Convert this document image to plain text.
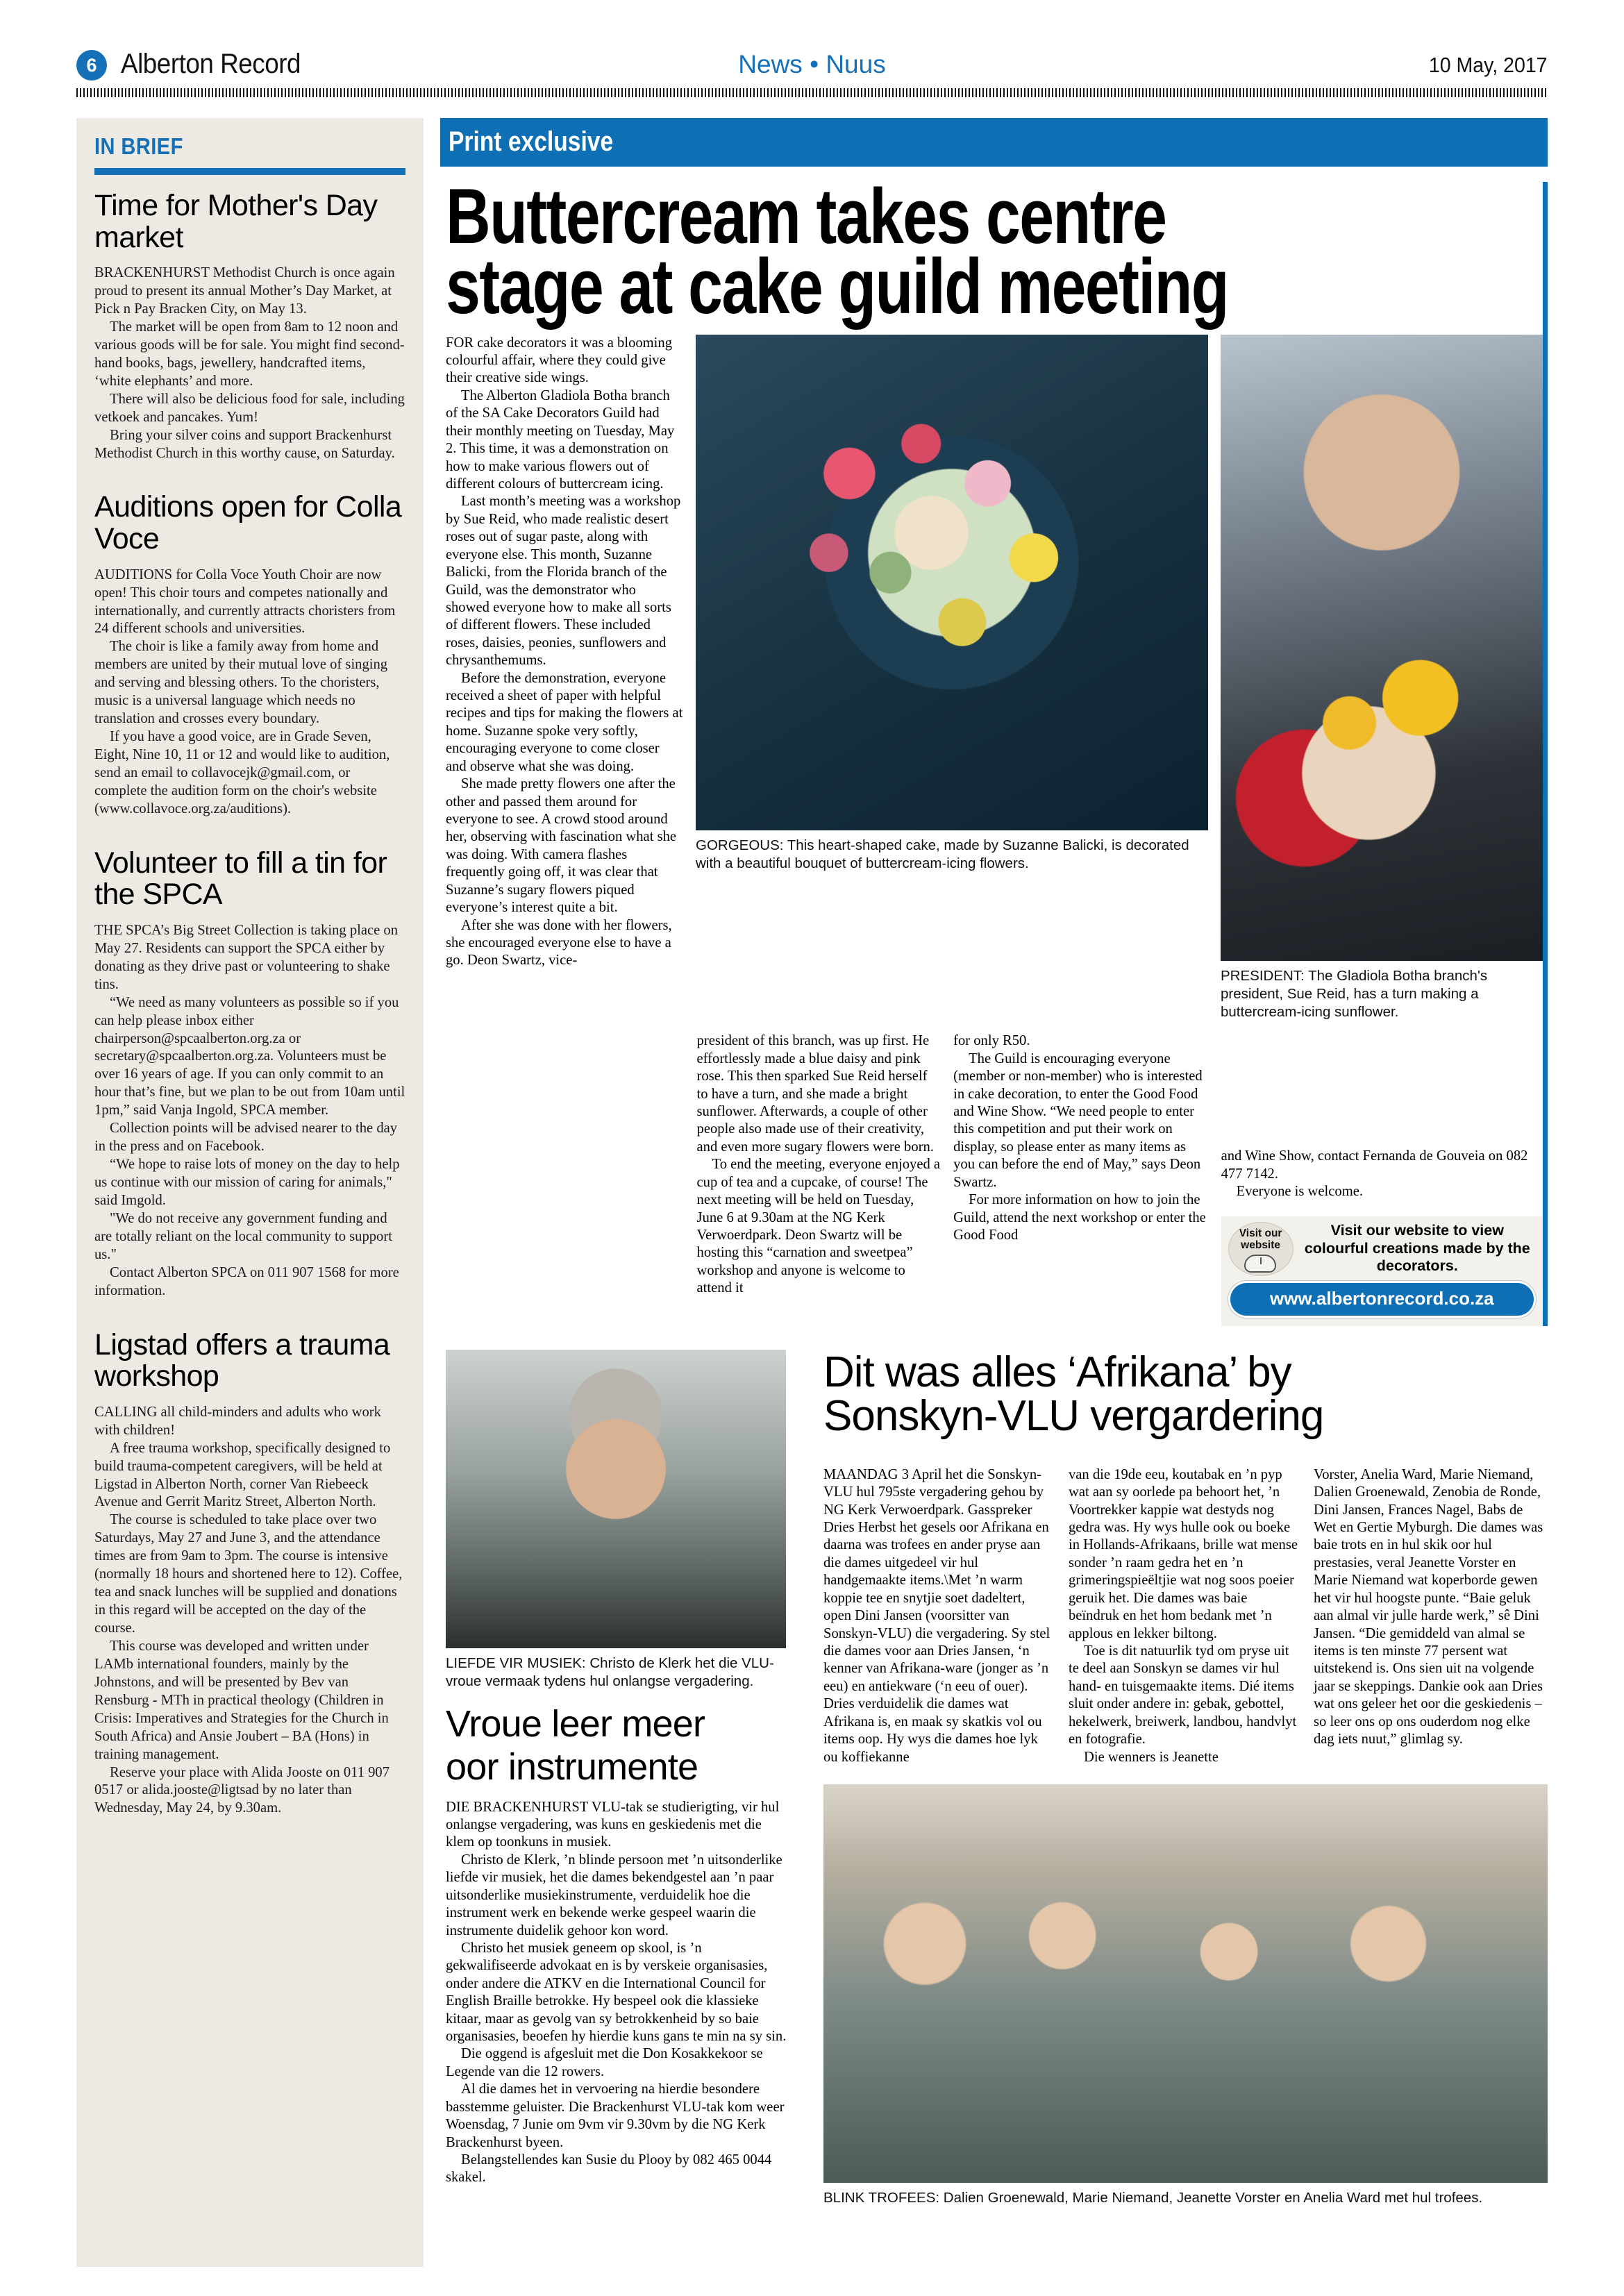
6 Alberton Record	News • Nuus	10 May, 2017
IN BRIEF
Time for Mother's Day market

BRACKENHURST Methodist Church is once again proud to present its annual Mother’s Day Market, at Pick n Pay Bracken City, on May 13.

The market will be open from 8am to 12 noon and various goods will be for sale. You might find second-hand books, bags, jewellery, handcrafted items, ‘white elephants’ and more.

There will also be delicious food for sale, including vetkoek and pancakes. Yum!

Bring your silver coins and support Brackenhurst Methodist Church in this worthy cause, on Saturday.

Auditions open for Colla Voce

AUDITIONS for Colla Voce Youth Choir are now open! This choir tours and competes nationally and internationally, and currently attracts choristers from 24 different schools and universities.

The choir is like a family away from home and members are united by their mutual love of singing and serving and blessing others. To the choristers, music is a universal language which needs no translation and crosses every boundary.

If you have a good voice, are in Grade Seven, Eight, Nine 10, 11 or 12 and would like to audition, send an email to collavocejk@gmail.com, or complete the audition form on the choir's website (www.collavoce.org.za/auditions).

Volunteer to fill a tin for the SPCA

THE SPCA’s Big Street Collection is taking place on May 27. Residents can support the SPCA either by donating as they drive past or volunteering to shake tins.

“We need as many volunteers as possible so if you can help please inbox either chairperson@spcaalberton.org.za or secretary@spcaalberton.org.za. Volunteers must be over 16 years of age. If you can only commit to an hour that’s fine, but we plan to be out from 10am until 1pm,” said Vanja Ingold, SPCA member.

Collection points will be advised nearer to the day in the press and on Facebook.

“We hope to raise lots of money on the day to help us continue with our mission of caring for animals," said Imgold.

"We do not receive any government funding and are totally reliant on the local community to support us."

Contact Alberton SPCA on 011 907 1568 for more information.

Ligstad offers a trauma workshop

CALLING all child-minders and adults who work with children!

A free trauma workshop, specifically designed to build trauma-competent caregivers, will be held at Ligstad in Alberton North, corner Van Riebeeck Avenue and Gerrit Maritz Street, Alberton North.

The course is scheduled to take place over two Saturdays, May 27 and June 3, and the attendance times are from 9am to 3pm. The course is intensive (normally 18 hours and shortened here to 12). Coffee, tea and snack lunches will be supplied and donations in this regard will be accepted on the day of the course.

This course was developed and written under LAMb international founders, mainly by the Johnstons, and will be presented by Bev van Rensburg - MTh in practical theology (Children in Crisis: Imperatives and Strategies for the Church in South Africa) and Ansie Joubert – BA (Hons) in training management.

Reserve your place with Alida Jooste on 011 907 0517 or alida.jooste@ligtsad by no later than Wednesday, May 24, by 9.30am.

Print exclusive
Buttercream takes centre
stage at cake guild meeting

FOR cake decorators it was a blooming colourful affair, where they could give their creative side wings.

The Alberton Gladiola Botha branch of the SA Cake Decorators Guild had their monthly meeting on Tuesday, May 2. This time, it was a demonstration on how to make various flowers out of different colours of buttercream icing.

Last month’s meeting was a workshop by Sue Reid, who made realistic desert roses out of sugar paste, along with everyone else. This month, Suzanne Balicki, from the Florida branch of the Guild, was the demonstrator who showed everyone how to make all sorts of different flowers. These included roses, daisies, peonies, sunflowers and chrysanthemums.

Before the demonstration, everyone received a sheet of paper with helpful recipes and tips for making the flowers at home. Suzanne spoke very softly, encouraging everyone to come closer and observe what she was doing.

She made pretty flowers one after the other and passed them around for everyone to see. A crowd stood around her, observing with fascination what she was doing. With camera flashes frequently going off, it was clear that Suzanne’s sugary flowers piqued everyone’s interest quite a bit.

After she was done with her flowers, she encouraged everyone else to have a go. Deon Swartz, vice-

GORGEOUS: This heart-shaped cake, made by Suzanne Balicki, is decorated with a beautiful bouquet of buttercream-icing flowers.
PRESIDENT: The Gladiola Botha branch's president, Sue Reid, has a turn making a buttercream-icing sunflower.

president of this branch, was up first. He effortlessly made a blue daisy and pink rose. This then sparked Sue Reid herself to have a turn, and she made a bright sunflower. Afterwards, a couple of other people also made use of their creativity, and even more sugary flowers were born.

To end the meeting, everyone enjoyed a cup of tea and a cupcake, of course! The next meeting will be held on Tuesday, June 6 at 9.30am at the NG Kerk Verwoerdpark. Deon Swartz will be hosting this “carnation and sweetpea” workshop and anyone is welcome to attend it

for only R50.

The Guild is encouraging everyone (member or non-member) who is interested in cake decoration, to enter the Good Food and Wine Show. “We need people to enter this competition and put their work on display, so please enter as many items as you can before the end of May,” says Deon Swartz.

For more information on how to join the Guild, attend the next workshop or enter the Good Food

and Wine Show, contact Fernanda de Gouveia on 082 477 7142.

Everyone is welcome.

Visit our
website
Visit our website to view colourful creations made by the decorators.
www.albertonrecord.co.za
LIEFDE VIR MUSIEK: Christo de Klerk het die VLU-vroue vermaak tydens hul onlangse vergadering.
Vroue leer meer
oor instrumente

DIE BRACKENHURST VLU-tak se studierigting, vir hul onlangse vergadering, was kuns en geskiedenis met die klem op toonkuns in musiek.

Christo de Klerk, ’n blinde persoon met ’n uitsonderlike liefde vir musiek, het die dames bekendgestel aan ’n paar uitsonderlike musiekinstrumente, verduidelik hoe die instrument werk en bekende werke gespeel waarin die instrumente duidelik gehoor kon word.

Christo het musiek geneem op skool, is ’n gekwalifiseerde advokaat en is by verskeie organisasies, onder andere die ATKV en die International Council for English Braille betrokke. Hy bespeel ook die klassieke kitaar, maar as gevolg van sy betrokkenheid by so baie organisasies, beoefen hy hierdie kuns gans te min na sy sin.

Die oggend is afgesluit met die Don Kosakkekoor se Legende van die 12 rowers.

Al die dames het in vervoering na hierdie besondere basstemme geluister. Die Brackenhurst VLU-tak kom weer Woensdag, 7 Junie om 9vm vir 9.30vm by die NG Kerk Brackenhurst byeen.

Belangstellendes kan Susie du Plooy by 082 465 0044 skakel.

Dit was alles ‘Afrikana’ by
Sonskyn-VLU vergardering

MAANDAG 3 April het die Sonskyn-VLU hul 795ste vergadering gehou by NG Kerk Verwoerdpark. Gasspreker Dries Herbst het gesels oor Afrikana en daarna was trofees en ander pryse aan die dames uitgedeel vir hul handgemaakte items.\Met ’n warm koppie tee en snytjie soet dadeltert, open Dini Jansen (voorsitter van Sonskyn-VLU) die vergadering. Sy stel die dames voor aan Dries Jansen, ‘n kenner van Afrikana-ware (jonger as ’n eeu) en antiekware (‘n eeu of ouer). Dries verduidelik die dames wat Afrikana is, en maak sy skatkis vol ou items oop. Hy wys die dames hoe lyk ou koffiekanne

van die 19de eeu, koutabak en ’n pyp wat aan sy oorlede pa behoort het, ’n Voortrekker kappie wat destyds nog gedra was. Hy wys hulle ook ou boeke in Hollands-Afrikaans, brille wat mense sonder ’n raam gedra het en ’n grimeringspieëltjie wat nog soos poeier geruik het. Die dames was baie beïndruk en het hom bedank met ’n applous en lekker biltong.

Toe is dit natuurlik tyd om pryse uit te deel aan Sonskyn se dames vir hul hand- en tuisgemaakte items. Dié items sluit onder andere in: gebak, gebottel, hekelwerk, breiwerk, landbou, handvlyt en fotografie.

Die wenners is Jeanette

Vorster, Anelia Ward, Marie Niemand, Dalien Groenewald, Zenobia de Ronde, Dini Jansen, Frances Nagel, Babs de Wet en Gertie Myburgh. Die dames was baie trots en in hul skik oor hul prestasies, veral Jeanette Vorster en Marie Niemand wat koperborde gewen het vir hul hoogste punte. “Baie geluk aan almal vir julle harde werk,” sê Dini Jansen. “Die gemiddeld van almal se items is ten minste 77 persent wat uitstekend is. Ons sien uit na volgende jaar se skeppings. Dankie ook aan Dries wat ons geleer het oor die geskiedenis – so leer ons op ons ouderdom nog elke dag iets nuut,” glimlag sy.

BLINK TROFEES: Dalien Groenewald, Marie Niemand, Jeanette Vorster en Anelia Ward met hul trofees.
